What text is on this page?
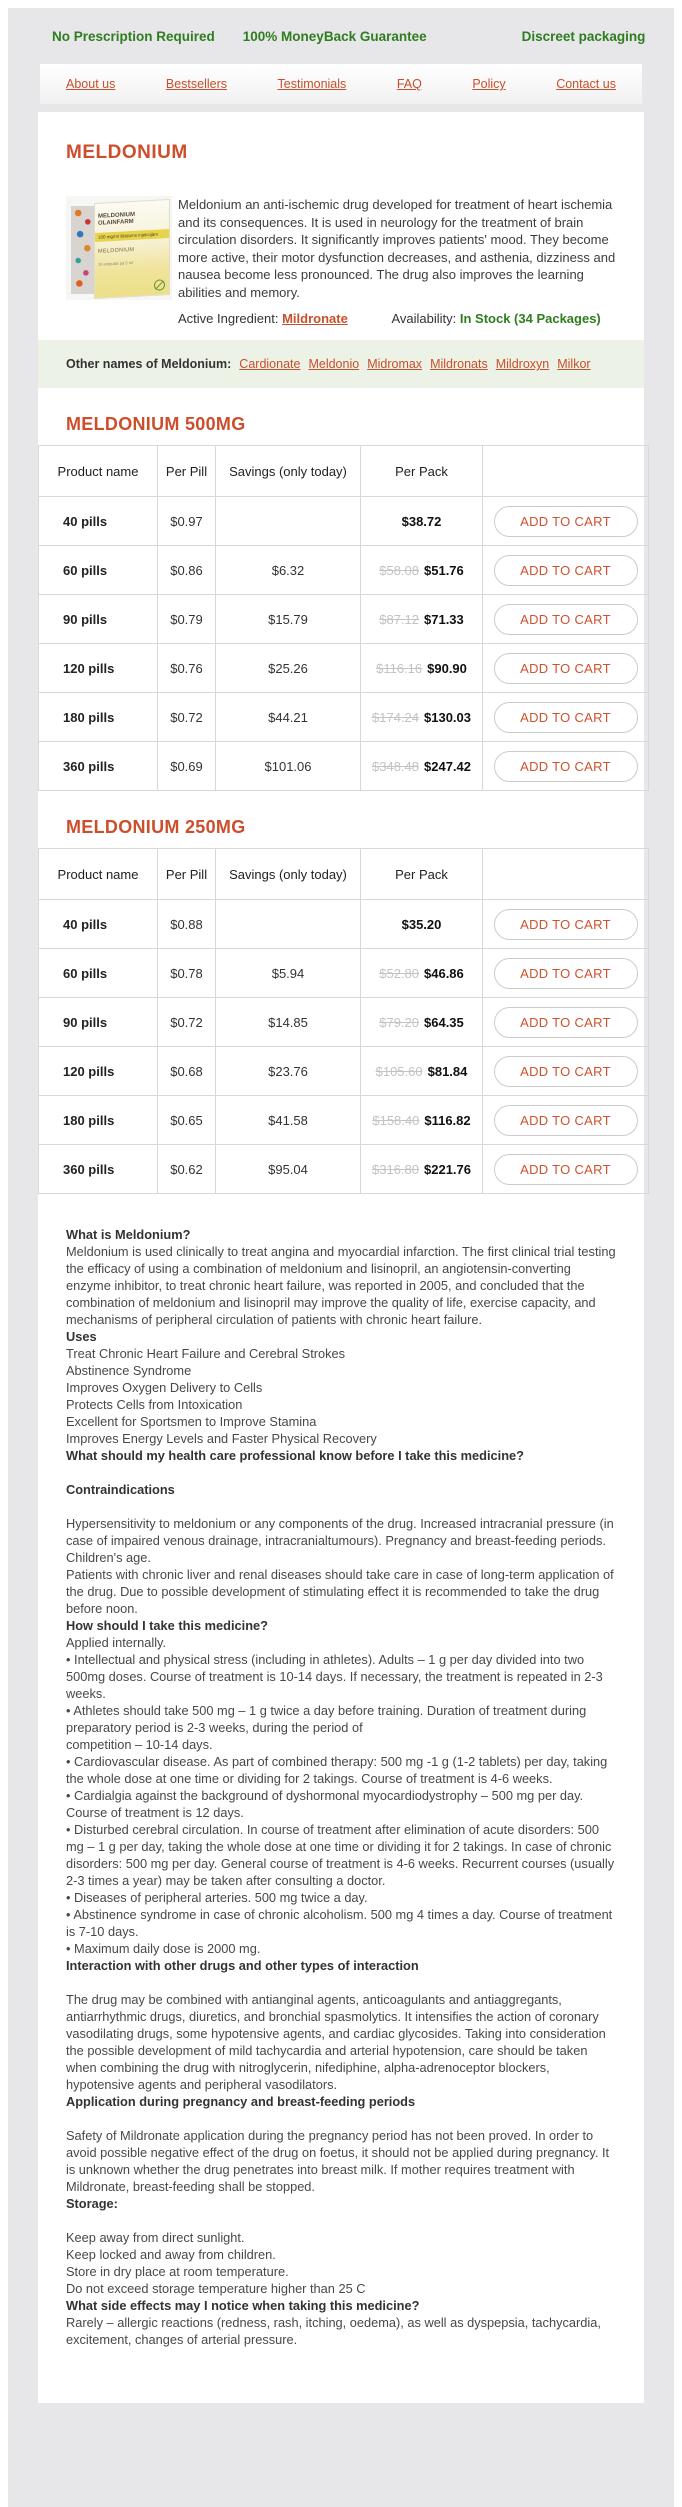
No Prescription Required 100% MoneyBack Guarantee	Discreet packaging
About us	Bestsellers	Testimonials	FAQ	Policy	Contact us
MELDONIUM
MELDONIUM OLAINFARM
100 mg/ml šķīdums injekcijām
MELDONIUM
10 ampulas pa 5 ml
Meldonium an anti-ischemic drug developed for treatment of heart ischemia and its consequences. It is used in neurology for the treatment of brain circulation disorders. It significantly improves patients' mood. They become more active, their motor dysfunction decreases, and asthenia, dizziness and nausea become less pronounced. The drug also improves the learning abilities and memory.
Active Ingredient: Mildronate	Availability: In Stock (34 Packages)
Other names of Meldonium: Cardionate Meldonio Midromax Mildronats Mildroxyn Milkor
MELDONIUM 500MG
Product name	Per Pill	Savings (only today)	Per Pack	
40 pills	$0.97		$38.72	ADD TO CART
60 pills	$0.86	$6.32	$58.08 $51.76	ADD TO CART
90 pills	$0.79	$15.79	$87.12 $71.33	ADD TO CART
120 pills	$0.76	$25.26	$116.16 $90.90	ADD TO CART
180 pills	$0.72	$44.21	$174.24 $130.03	ADD TO CART
360 pills	$0.69	$101.06	$348.48 $247.42	ADD TO CART
MELDONIUM 250MG
Product name	Per Pill	Savings (only today)	Per Pack	
40 pills	$0.88		$35.20	ADD TO CART
60 pills	$0.78	$5.94	$52.80 $46.86	ADD TO CART
90 pills	$0.72	$14.85	$79.20 $64.35	ADD TO CART
120 pills	$0.68	$23.76	$105.60 $81.84	ADD TO CART
180 pills	$0.65	$41.58	$158.40 $116.82	ADD TO CART
360 pills	$0.62	$95.04	$316.80 $221.76	ADD TO CART
What is Meldonium?
Meldonium is used clinically to treat angina and myocardial infarction. The first clinical trial testing the efficacy of using a combination of meldonium and lisinopril, an angiotensin-converting enzyme inhibitor, to treat chronic heart failure, was reported in 2005, and concluded that the combination of meldonium and lisinopril may improve the quality of life, exercise capacity, and mechanisms of peripheral circulation of patients with chronic heart failure.
Uses
Treat Chronic Heart Failure and Cerebral Strokes
Abstinence Syndrome
Improves Oxygen Delivery to Cells
Protects Cells from Intoxication
Excellent for Sportsmen to Improve Stamina
Improves Energy Levels and Faster Physical Recovery
What should my health care professional know before I take this medicine?
Contraindications
Hypersensitivity to meldonium or any components of the drug. Increased intracranial pressure (in case of impaired venous drainage, intracranialtumours). Pregnancy and breast-feeding periods. Children's age.
Patients with chronic liver and renal diseases should take care in case of long-term application of the drug. Due to possible development of stimulating effect it is recommended to take the drug before noon.
How should I take this medicine?
Applied internally.
• Intellectual and physical stress (including in athletes). Adults – 1 g per day divided into two 500mg doses. Course of treatment is 10-14 days. If necessary, the treatment is repeated in 2-3 weeks.
• Athletes should take 500 mg – 1 g twice a day before training. Duration of treatment during preparatory period is 2-3 weeks, during the period of
competition – 10-14 days.
• Cardiovascular disease. As part of combined therapy: 500 mg -1 g (1-2 tablets) per day, taking the whole dose at one time or dividing for 2 takings. Course of treatment is 4-6 weeks.
• Cardialgia against the background of dyshormonal myocardiodystrophy – 500 mg per day. Course of treatment is 12 days.
• Disturbed cerebral circulation. In course of treatment after elimination of acute disorders: 500 mg – 1 g per day, taking the whole dose at one time or dividing it for 2 takings. In case of chronic disorders: 500 mg per day. General course of treatment is 4-6 weeks. Recurrent courses (usually 2-3 times a year) may be taken after consulting a doctor.
• Diseases of peripheral arteries. 500 mg twice a day.
• Abstinence syndrome in case of chronic alcoholism. 500 mg 4 times a day. Course of treatment is 7-10 days.
• Maximum daily dose is 2000 mg.
Interaction with other drugs and other types of interaction
The drug may be combined with antianginal agents, anticoagulants and antiaggregants, antiarrhythmic drugs, diuretics, and bronchial spasmolytics. It intensifies the action of coronary vasodilating drugs, some hypotensive agents, and cardiac glycosides. Taking into consideration the possible development of mild tachycardia and arterial hypotension, care should be taken when combining the drug with nitroglycerin, nifediphine, alpha-adrenoceptor blockers, hypotensive agents and peripheral vasodilators.
Application during pregnancy and breast-feeding periods
Safety of Mildronate application during the pregnancy period has not been proved. In order to avoid possible negative effect of the drug on foetus, it should not be applied during pregnancy. It is unknown whether the drug penetrates into breast milk. If mother requires treatment with Mildronate, breast-feeding shall be stopped.
Storage:
Keep away from direct sunlight.
Keep locked and away from children.
Store in dry place at room temperature.
Do not exceed storage temperature higher than 25 C
What side effects may I notice when taking this medicine?
Rarely – allergic reactions (redness, rash, itching, oedema), as well as dyspepsia, tachycardia, excitement, changes of arterial pressure.
